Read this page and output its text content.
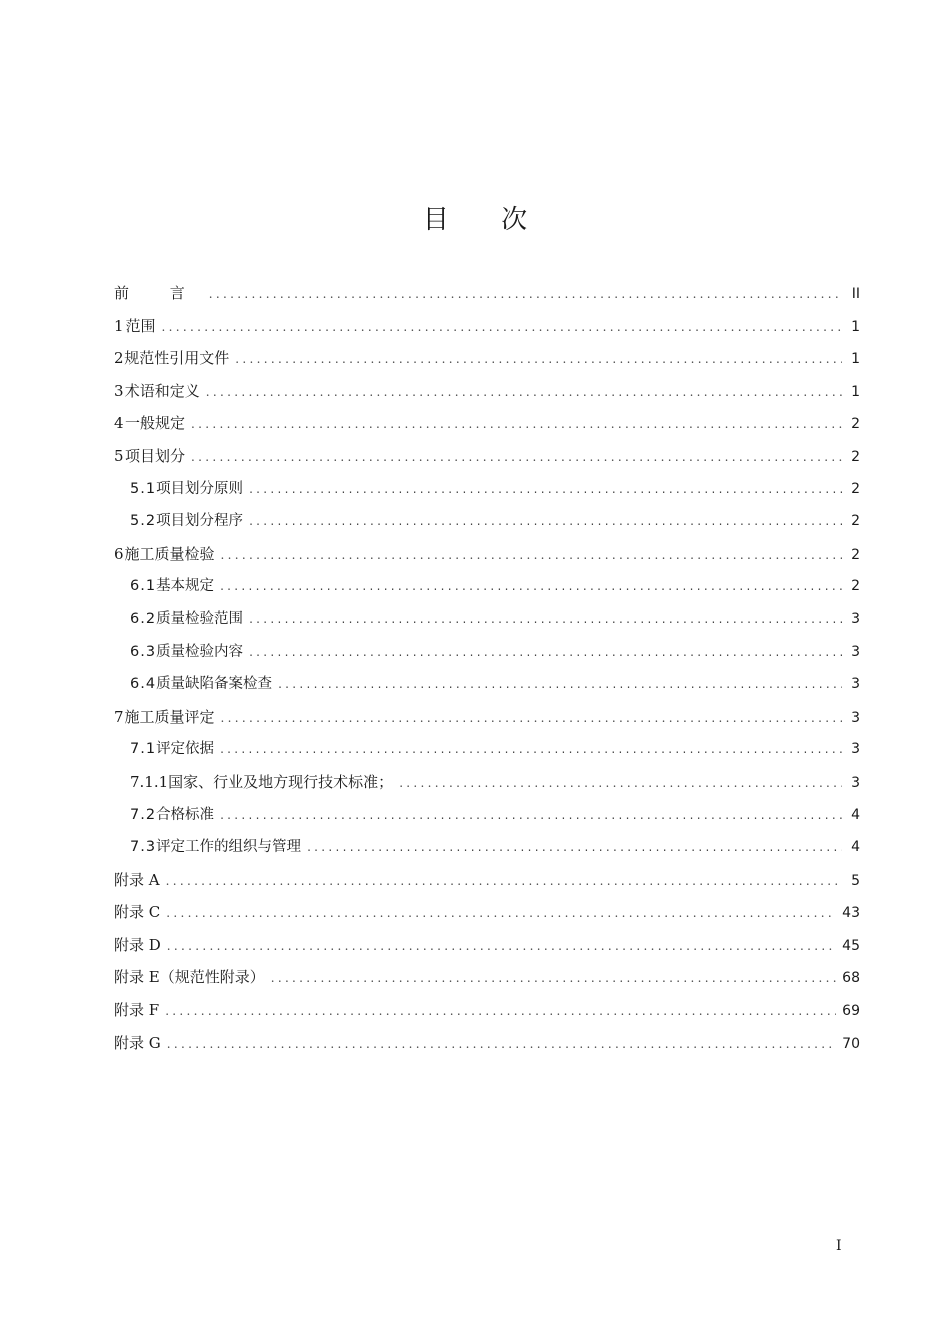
目 次
前 言 .....	II
1 范围 .....	1
2 规范性引用文件 .....	1
3 术语和定义 .....	1
4 一般规定 .....	2
5 项目划分 .....	2
5.1 项目划分原则 .....	2
5.2 项目划分程序 .....	2
6 施工质量检验 .....	2
6.1 基本规定 .....	2
6.2 质量检验范围 .....	3
6.3 质量检验内容 .....	3
6.4 质量缺陷备案检查 .....	3
7 施工质量评定 .....	3
7.1 评定依据 .....	3
7.1.1 国家、行业及地方现行技术标准； .....	3
7.2 合格标准 .....	4
7.3 评定工作的组织与管理 .....	4
附录 A .....	5
附录 C .....	43
附录 D .....	45
附录 E（规范性附录） .....	68
附录 F .....	69
附录 G .....	70
I
